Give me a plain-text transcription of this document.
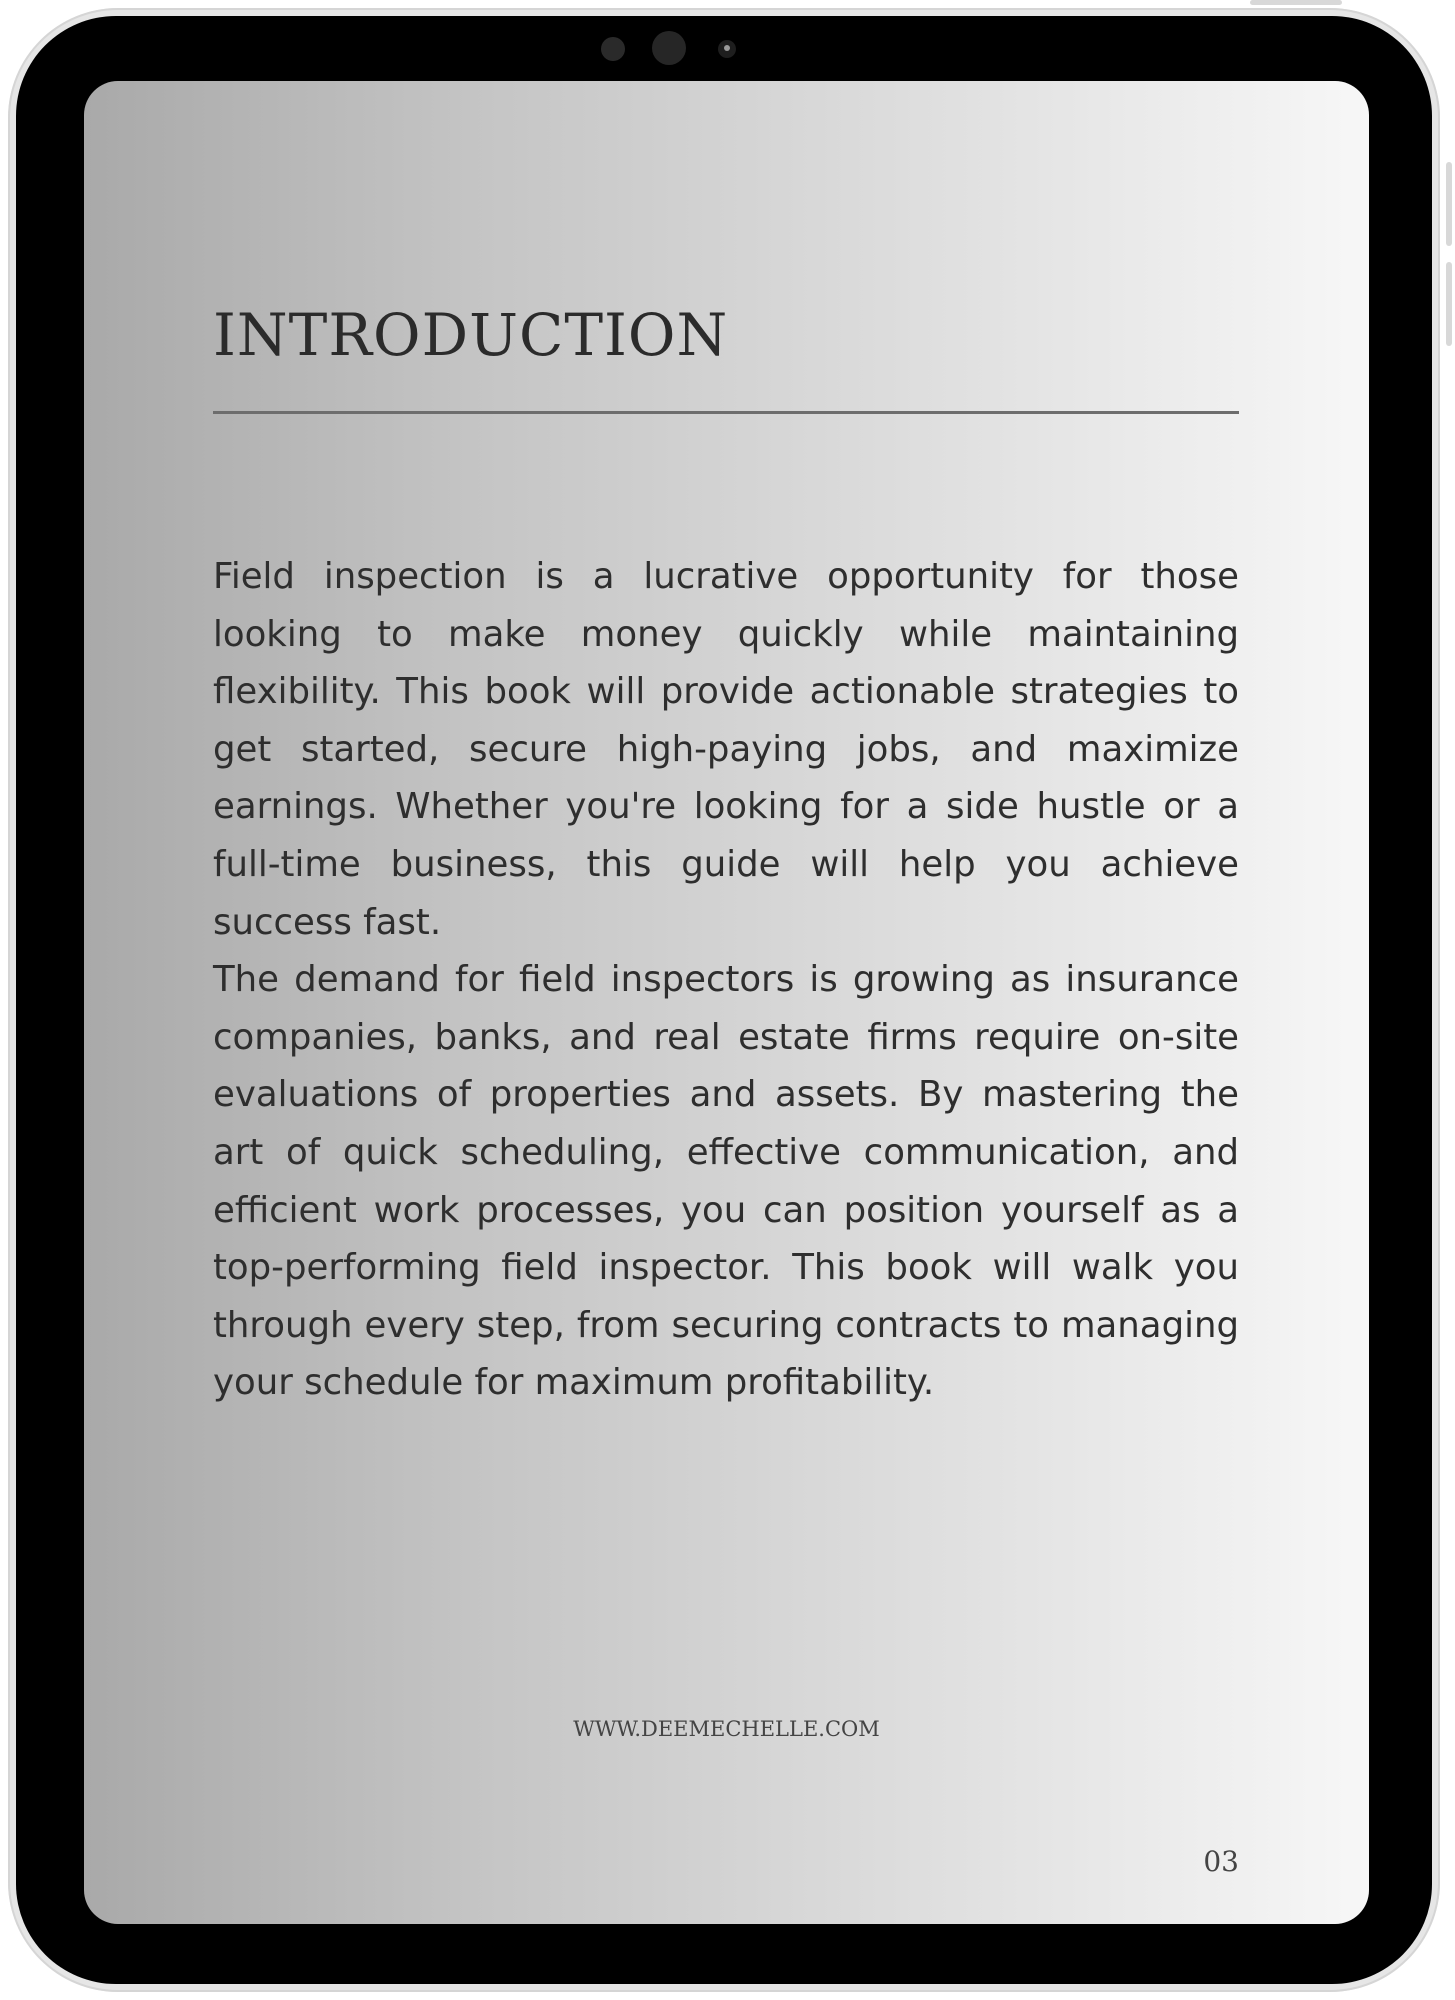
INTRODUCTION

Field inspection is a lucrative opportunity for those looking to make money quickly while maintaining flexibility. This book will provide actionable strategies to get started, secure high-paying jobs, and maximize earnings. Whether you're looking for a side hustle or a full-time business, this guide will help you achieve success fast.

The demand for field inspectors is growing as insurance companies, banks, and real estate firms require on-site evaluations of properties and assets. By mastering the art of quick scheduling, effective communication, and efficient work processes, you can position yourself as a top-performing field inspector. This book will walk you through every step, from securing contracts to managing your schedule for maximum profitability.

WWW.DEEMECHELLE.COM
03
